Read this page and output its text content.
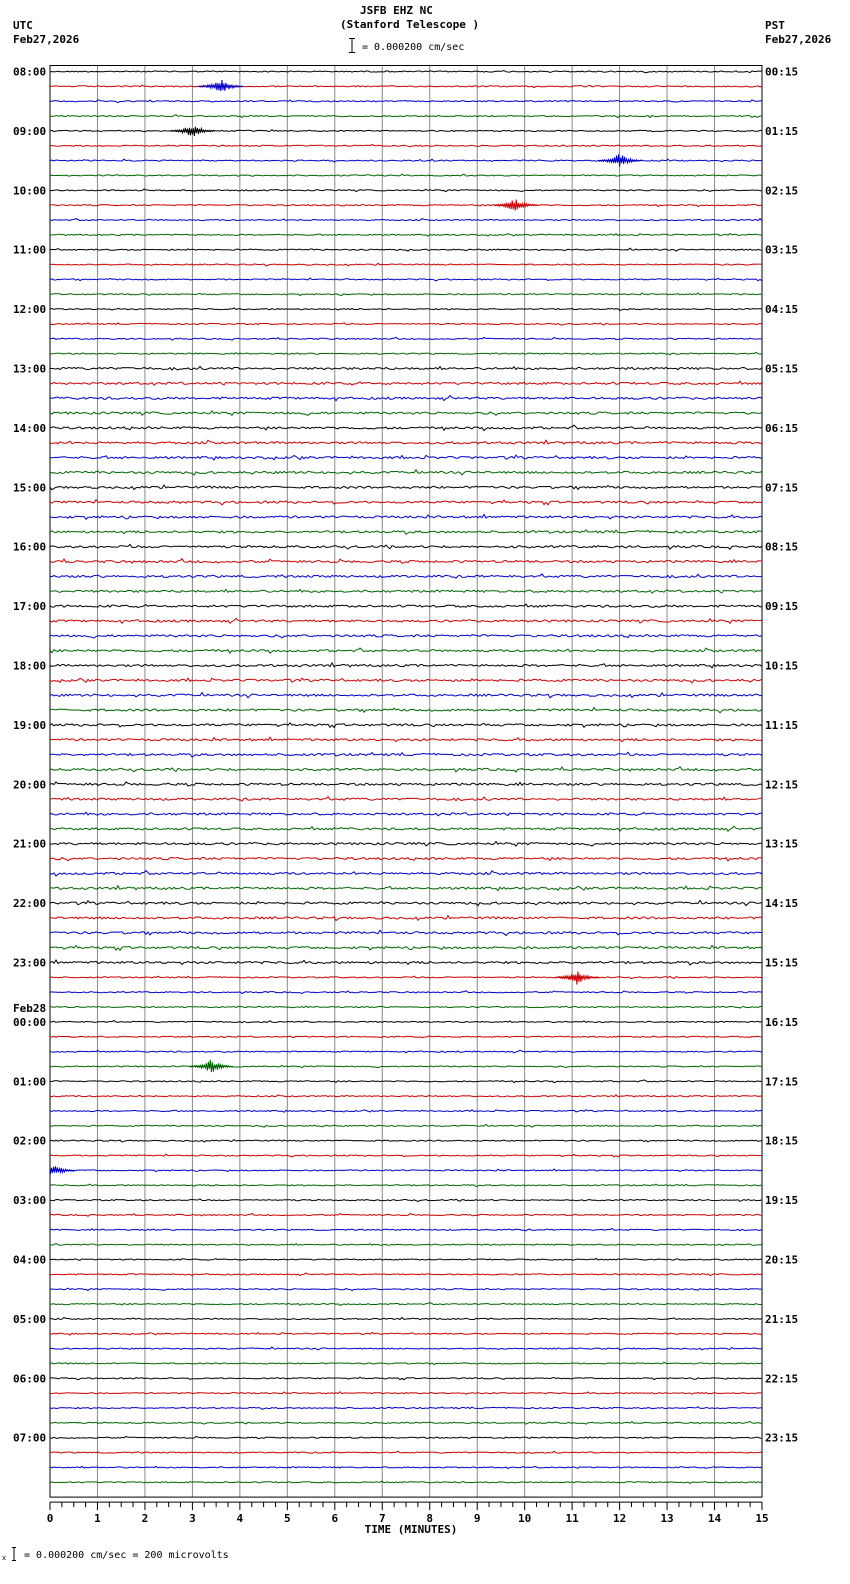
JSFB EHZ NC
(Stanford Telescope )
= 0.000200 cm/sec
UTC
Feb27,2026
PST
Feb27,2026
08:00
09:00
10:00
11:00
12:00
13:00
14:00
15:00
16:00
17:00
18:00
19:00
20:00
21:00
22:00
23:00
00:00
01:00
02:00
03:00
04:00
05:00
06:00
07:00
Feb28
00:15
01:15
02:15
03:15
04:15
05:15
06:15
07:15
08:15
09:15
10:15
11:15
12:15
13:15
14:15
15:15
16:15
17:15
18:15
19:15
20:15
21:15
22:15
23:15
0	1	2	3	4	5	6	7	8	9	10	11	12	13	14	15
TIME (MINUTES)
x = 0.000200 cm/sec = 200 microvolts
